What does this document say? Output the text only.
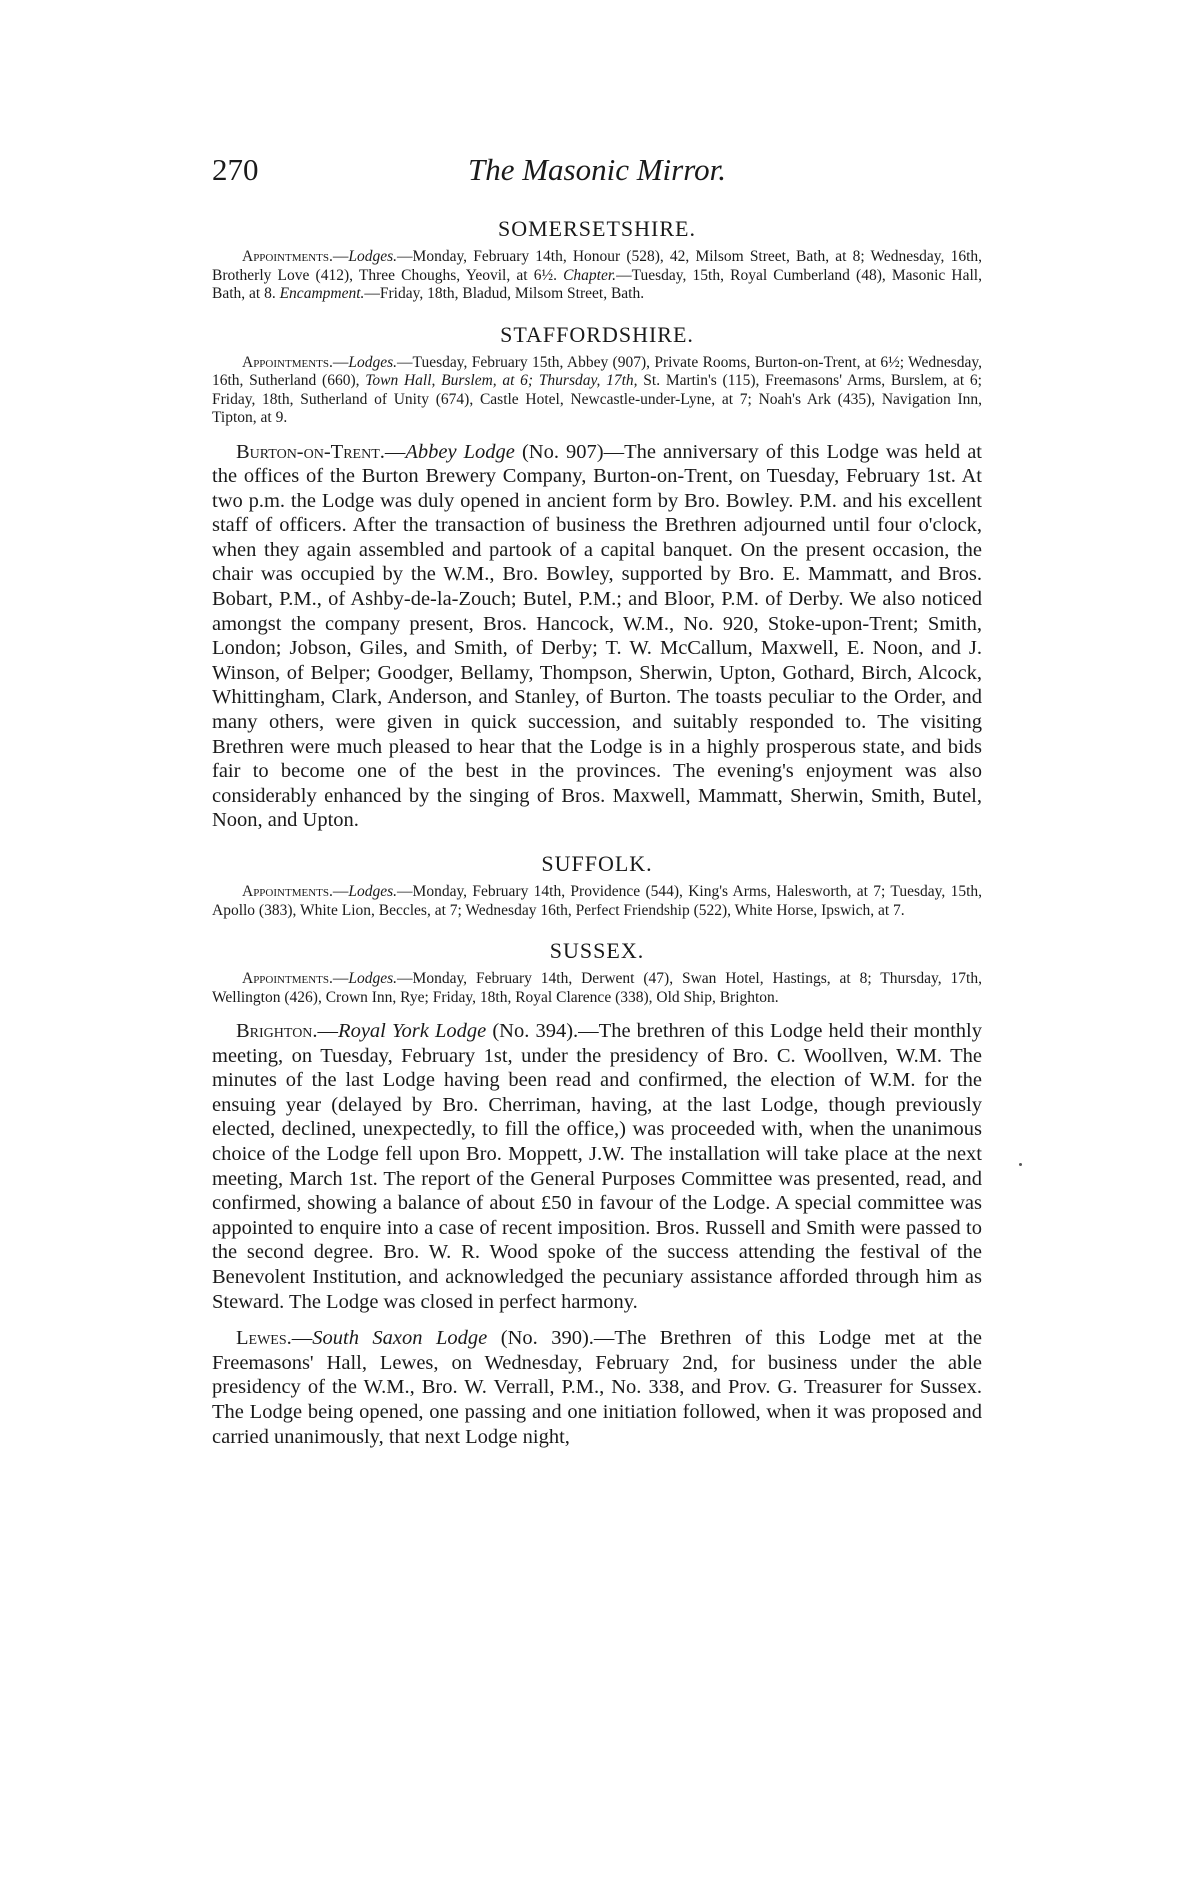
270	The Masonic Mirror.
SOMERSETSHIRE.

Appointments.—Lodges.—Monday, February 14th, Honour (528), 42, Milsom Street, Bath, at 8; Wednesday, 16th, Brotherly Love (412), Three Choughs, Yeovil, at 6½. Chapter.—Tuesday, 15th, Royal Cumberland (48), Masonic Hall, Bath, at 8. Encampment.—Friday, 18th, Bladud, Milsom Street, Bath.

STAFFORDSHIRE.

Appointments.—Lodges.—Tuesday, February 15th, Abbey (907), Private Rooms, Burton-on-Trent, at 6½; Wednesday, 16th, Sutherland (660), Town Hall, Burslem, at 6; Thursday, 17th, St. Martin's (115), Freemasons' Arms, Burslem, at 6; Friday, 18th, Sutherland of Unity (674), Castle Hotel, Newcastle-under-Lyne, at 7; Noah's Ark (435), Navigation Inn, Tipton, at 9.

Burton-on-Trent.—Abbey Lodge (No. 907)—The anniversary of this Lodge was held at the offices of the Burton Brewery Company, Burton-on-Trent, on Tuesday, February 1st. At two p.m. the Lodge was duly opened in ancient form by Bro. Bowley. P.M. and his excellent staff of officers. After the transaction of business the Brethren adjourned until four o'clock, when they again assembled and partook of a capital banquet. On the present occasion, the chair was occupied by the W.M., Bro. Bowley, supported by Bro. E. Mammatt, and Bros. Bobart, P.M., of Ashby-de-la-Zouch; Butel, P.M.; and Bloor, P.M. of Derby. We also noticed amongst the company present, Bros. Hancock, W.M., No. 920, Stoke-upon-Trent; Smith, London; Jobson, Giles, and Smith, of Derby; T. W. McCallum, Maxwell, E. Noon, and J. Winson, of Belper; Goodger, Bellamy, Thompson, Sherwin, Upton, Gothard, Birch, Alcock, Whittingham, Clark, Anderson, and Stanley, of Burton. The toasts peculiar to the Order, and many others, were given in quick succession, and suitably responded to. The visiting Brethren were much pleased to hear that the Lodge is in a highly prosperous state, and bids fair to become one of the best in the provinces. The evening's enjoyment was also considerably enhanced by the singing of Bros. Maxwell, Mammatt, Sherwin, Smith, Butel, Noon, and Upton.

SUFFOLK.

Appointments.—Lodges.—Monday, February 14th, Providence (544), King's Arms, Halesworth, at 7; Tuesday, 15th, Apollo (383), White Lion, Beccles, at 7; Wednesday 16th, Perfect Friendship (522), White Horse, Ipswich, at 7.

SUSSEX.

Appointments.—Lodges.—Monday, February 14th, Derwent (47), Swan Hotel, Hastings, at 8; Thursday, 17th, Wellington (426), Crown Inn, Rye; Friday, 18th, Royal Clarence (338), Old Ship, Brighton.

Brighton.—Royal York Lodge (No. 394).—The brethren of this Lodge held their monthly meeting, on Tuesday, February 1st, under the presidency of Bro. C. Woollven, W.M. The minutes of the last Lodge having been read and confirmed, the election of W.M. for the ensuing year (delayed by Bro. Cherriman, having, at the last Lodge, though previously elected, declined, unexpectedly, to fill the office,) was proceeded with, when the unanimous choice of the Lodge fell upon Bro. Moppett, J.W. The installation will take place at the next meeting, March 1st. The report of the General Purposes Committee was presented, read, and confirmed, showing a balance of about £50 in favour of the Lodge. A special committee was appointed to enquire into a case of recent imposition. Bros. Russell and Smith were passed to the second degree. Bro. W. R. Wood spoke of the success attending the festival of the Benevolent Institution, and acknowledged the pecuniary assistance afforded through him as Steward. The Lodge was closed in perfect harmony.

Lewes.—South Saxon Lodge (No. 390).—The Brethren of this Lodge met at the Freemasons' Hall, Lewes, on Wednesday, February 2nd, for business under the able presidency of the W.M., Bro. W. Verrall, P.M., No. 338, and Prov. G. Treasurer for Sussex. The Lodge being opened, one passing and one initiation followed, when it was proposed and carried unanimously, that next Lodge night,
